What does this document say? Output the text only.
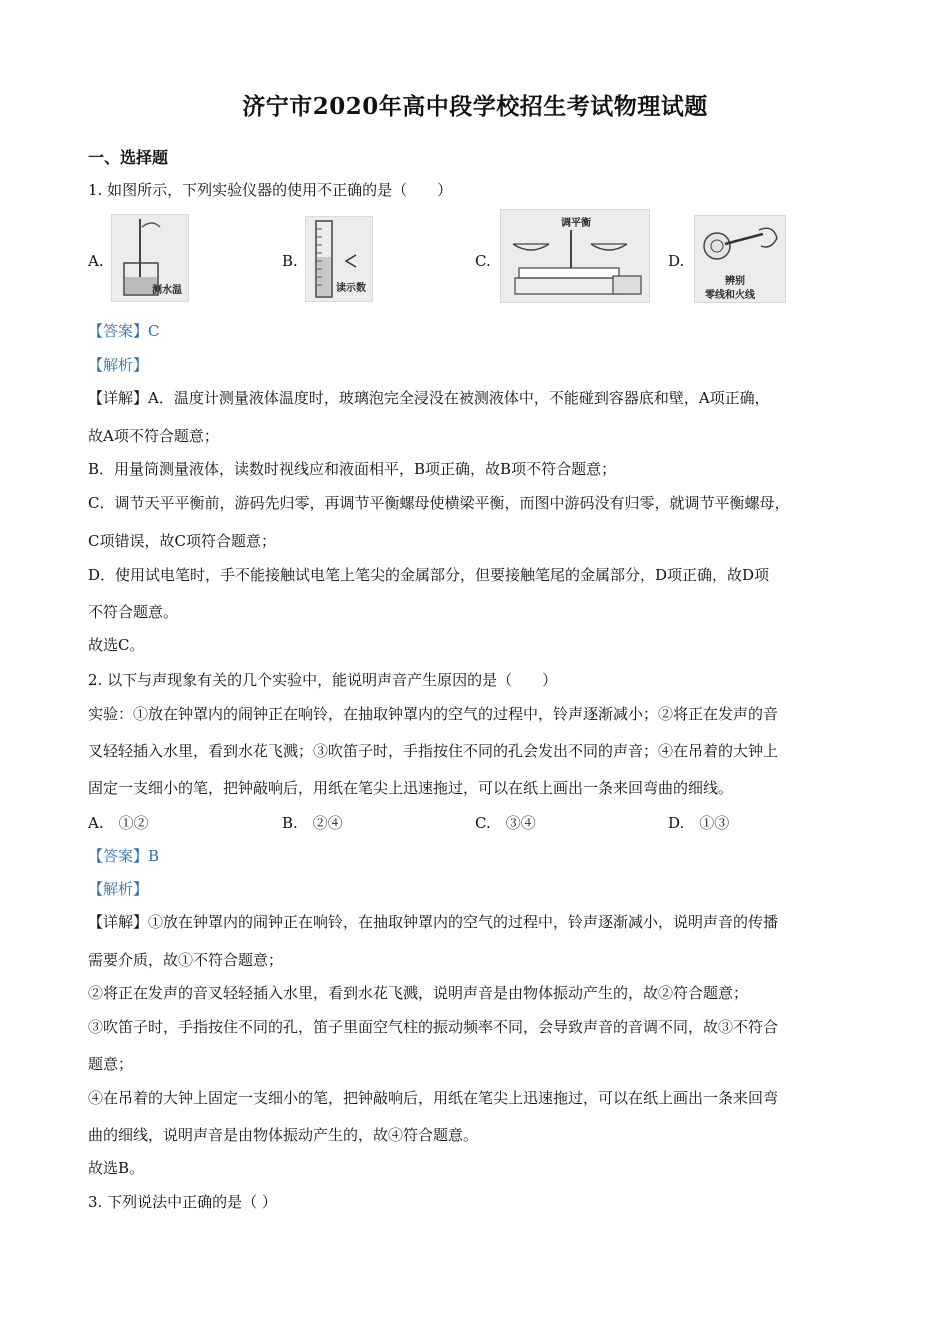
济宁市2020年高中段学校招生考试物理试题
一、选择题
1. 如图所示，下列实验仪器的使用不正确的是（　　）
A.
测水温
B.
读示数
C.
调平衡
D.
辨别
零线和火线
【答案】C
【解析】
【详解】A．温度计测量液体温度时，玻璃泡完全浸没在被测液体中，不能碰到容器底和壁，A项正确，
故A项不符合题意；
B．用量筒测量液体，读数时视线应和液面相平，B项正确，故B项不符合题意；
C．调节天平平衡前，游码先归零，再调节平衡螺母使横梁平衡，而图中游码没有归零，就调节平衡螺母，
C项错误，故C项符合题意；
D．使用试电笔时，手不能接触试电笔上笔尖的金属部分，但要接触笔尾的金属部分，D项正确，故D项
不符合题意。
故选C。
2. 以下与声现象有关的几个实验中，能说明声音产生原因的是（　　）
实验：①放在钟罩内的闹钟正在响铃，在抽取钟罩内的空气的过程中，铃声逐渐减小；②将正在发声的音
叉轻轻插入水里，看到水花飞溅；③吹笛子时，手指按住不同的孔会发出不同的声音；④在吊着的大钟上
固定一支细小的笔，把钟敲响后，用纸在笔尖上迅速拖过，可以在纸上画出一条来回弯曲的细线。
A.　①②	B.　②④	C.　③④	D.　①③
【答案】B
【解析】
【详解】①放在钟罩内的闹钟正在响铃，在抽取钟罩内的空气的过程中，铃声逐渐减小，说明声音的传播
需要介质，故①不符合题意；
②将正在发声的音叉轻轻插入水里，看到水花飞溅，说明声音是由物体振动产生的，故②符合题意；
③吹笛子时，手指按住不同的孔，笛子里面空气柱的振动频率不同，会导致声音的音调不同，故③不符合
题意；
④在吊着的大钟上固定一支细小的笔，把钟敲响后，用纸在笔尖上迅速拖过，可以在纸上画出一条来回弯
曲的细线，说明声音是由物体振动产生的，故④符合题意。
故选B。
3. 下列说法中正确的是（ ）
